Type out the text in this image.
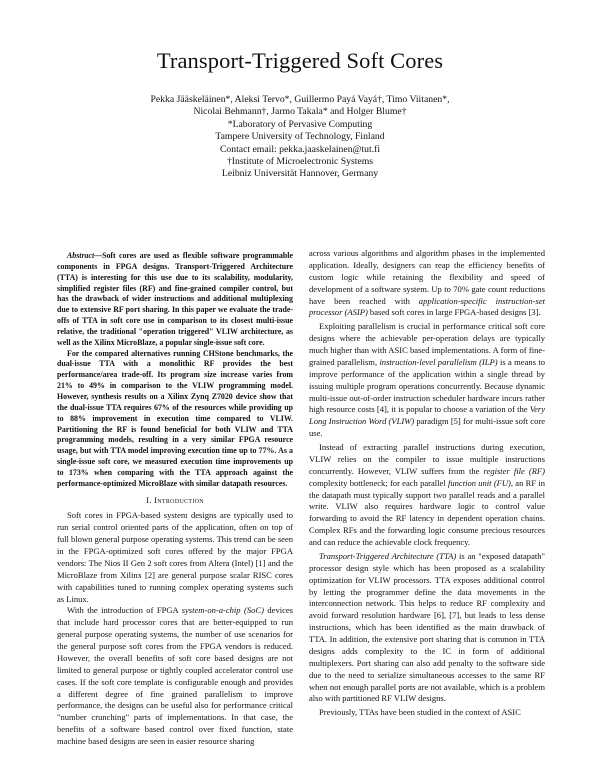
Transport-Triggered Soft Cores
Pekka Jääskeläinen*, Aleksi Tervo*, Guillermo Payá Vayá†, Timo Viitanen*,
Nicolai Behmann†, Jarmo Takala* and Holger Blume†
*Laboratory of Pervasive Computing
Tampere University of Technology, Finland
Contact email: pekka.jaaskelainen@tut.fi
†Institute of Microelectronic Systems
Leibniz Universität Hannover, Germany

Abstract—Soft cores are used as flexible software programmable components in FPGA designs. Transport-Triggered Architecture (TTA) is interesting for this use due to its scalability, modularity, simplified register files (RF) and fine-grained compiler control, but has the drawback of wider instructions and additional multiplexing due to extensive RF port sharing. In this paper we evaluate the trade-offs of TTA in soft core use in comparison to its closest multi-issue relative, the traditional "operation triggered" VLIW architecture, as well as the Xilinx MicroBlaze, a popular single-issue soft core.

For the compared alternatives running CHStone benchmarks, the dual-issue TTA with a monolithic RF provides the best performance/area trade-off. Its program size increase varies from 21% to 49% in comparison to the VLIW programming model. However, synthesis results on a Xilinx Zynq Z7020 device show that the dual-issue TTA requires 67% of the resources while providing up to 88% improvement in execution time compared to VLIW. Partitioning the RF is found beneficial for both VLIW and TTA programming models, resulting in a very similar FPGA resource usage, but with TTA model improving execution time up to 77%. As a single-issue soft core, we measured execution time improvements up to 173% when comparing with the TTA approach against the performance-optimized MicroBlaze with similar datapath resources.

I. Introduction

Soft cores in FPGA-based system designs are typically used to run serial control oriented parts of the application, often on top of full blown general purpose operating systems. This trend can be seen in the FPGA-optimized soft cores offered by the major FPGA vendors: The Nios II Gen 2 soft cores from Altera (Intel) [1] and the MicroBlaze from Xilinx [2] are general purpose scalar RISC cores with capabilities tuned to running complex operating systems such as Linux.

With the introduction of FPGA system-on-a-chip (SoC) devices that include hard processor cores that are better-equipped to run general purpose operating systems, the number of use scenarios for the general purpose soft cores from the FPGA vendors is reduced. However, the overall benefits of soft core based designs are not limited to general purpose or tightly coupled accelerator control use cases. If the soft core template is configurable enough and provides a different degree of fine grained parallelism to improve performance, the designs can be useful also for performance critical "number crunching" parts of implementations. In that case, the benefits of a software based control over fixed function, state machine based designs are seen in easier resource sharing

across various algorithms and algorithm phases in the implemented application. Ideally, designers can reap the efficiency benefits of custom logic while retaining the flexibility and speed of development of a software system. Up to 70% gate count reductions have been reached with application-specific instruction-set processor (ASIP) based soft cores in large FPGA-based designs [3].

Exploiting parallelism is crucial in performance critical soft core designs where the achievable per-operation delays are typically much higher than with ASIC based implementations. A form of fine-grained parallelism, instruction-level parallelism (ILP) is a means to improve performance of the application within a single thread by issuing multiple program operations concurrently. Because dynamic multi-issue out-of-order instruction scheduler hardware incurs rather high resource costs [4], it is popular to choose a variation of the Very Long Instruction Word (VLIW) paradigm [5] for multi-issue soft core use.

Instead of extracting parallel instructions during execution, VLIW relies on the compiler to issue multiple instructions concurrently. However, VLIW suffers from the register file (RF) complexity bottleneck; for each parallel function unit (FU), an RF in the datapath must typically support two parallel reads and a parallel write. VLIW also requires hardware logic to control value forwarding to avoid the RF latency in dependent operation chains. Complex RFs and the forwarding logic consume precious resources and can reduce the achievable clock frequency.

Transport-Triggered Architecture (TTA) is an "exposed datapath" processor design style which has been proposed as a scalability optimization for VLIW processors. TTA exposes additional control by letting the programmer define the data movements in the interconnection network. This helps to reduce RF complexity and avoid forward resolution hardware [6], [7], but leads to less dense instructions, which has been identified as the main drawback of TTA. In addition, the extensive port sharing that is common in TTA designs adds complexity to the IC in form of additional multiplexers. Port sharing can also add penalty to the software side due to the need to serialize simultaneous accesses to the same RF when not enough parallel ports are not available, which is a problem also with partitioned RF VLIW designs.

Previously, TTAs have been studied in the context of ASIC
